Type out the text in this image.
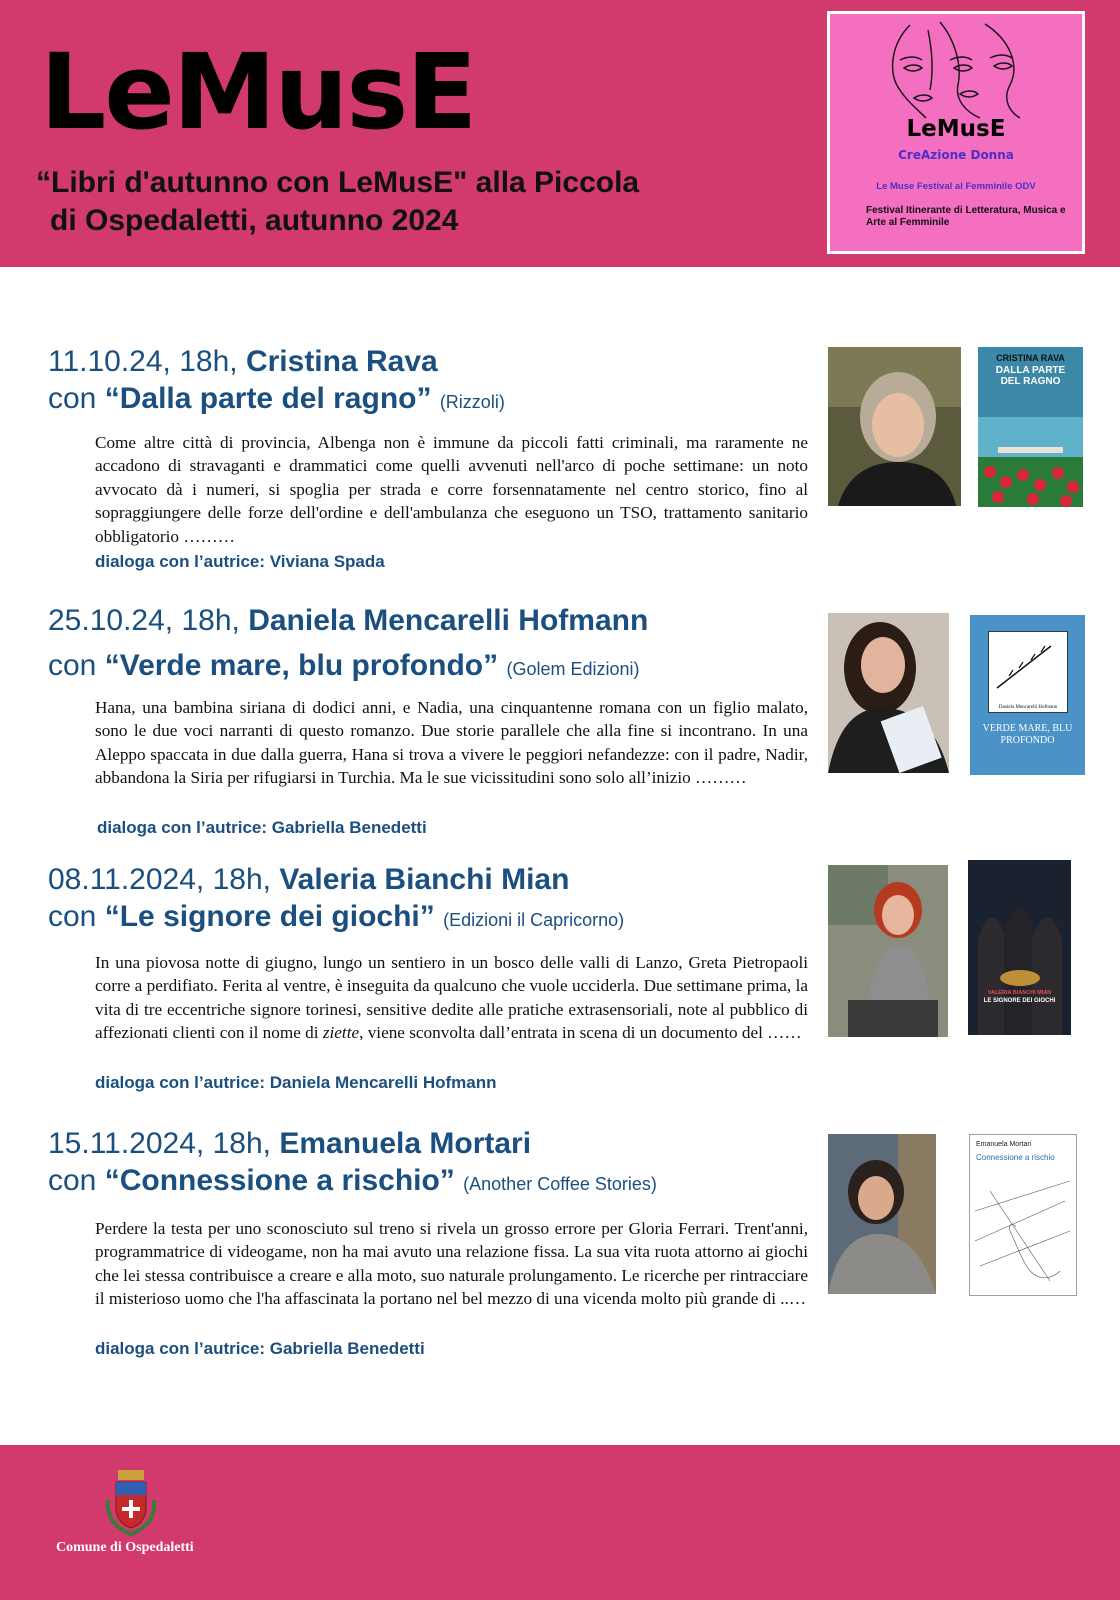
LeMusE
“Libri d'autunno con LeMusE" alla Piccola
di Ospedaletti, autunno 2024
LeMusE
CreAzione Donna
Le Muse Festival al Femminile ODV
Festival Itinerante di Letteratura, Musica e Arte al Femminile
11.10.24, 18h, Cristina Rava
con “Dalla parte del ragno” (Rizzoli)

Come altre città di provincia, Albenga non è immune da piccoli fatti criminali, ma raramente ne accadono di stravaganti e drammatici come quelli avvenuti nell'arco di poche settimane: un noto avvocato dà i numeri, si spoglia per strada e corre forsennatamente nel centro storico, fino al sopraggiungere delle forze dell'ordine e dell'ambulanza che eseguono un TSO, trattamento sanitario obbligatorio ………

dialoga con l’autrice: Viviana Spada
CRISTINA RAVA
DALLA PARTE DEL RAGNO
25.10.24, 18h, Daniela Mencarelli Hofmann
con “Verde mare, blu profondo” (Golem Edizioni)

Hana, una bambina siriana di dodici anni, e Nadia, una cinquantenne romana con un figlio malato, sono le due voci narranti di questo romanzo. Due storie parallele che alla fine si incontrano. In una Aleppo spaccata in due dalla guerra, Hana si trova a vivere le peggiori nefandezze: con il padre, Nadir, abbandona la Siria per rifugiarsi in Turchia. Ma le sue vicissitudini sono solo all’inizio ………

dialoga con l’autrice: Gabriella Benedetti
Daniela Mencarelli Hofmann
VERDE MARE, BLU PROFONDO
08.11.2024, 18h, Valeria Bianchi Mian
con “Le signore dei giochi” (Edizioni il Capricorno)

In una piovosa notte di giugno, lungo un sentiero in un bosco delle valli di Lanzo, Greta Pietropaoli corre a perdifiato. Ferita al ventre, è inseguita da qualcuno che vuole ucciderla. Due settimane prima, la vita di tre eccentriche signore torinesi, sensitive dedite alle pratiche extrasensoriali, note al pubblico di affezionati clienti con il nome di ziette, viene sconvolta dall’entrata in scena di un documento del ……

dialoga con l’autrice: Daniela Mencarelli Hofmann
VALERIA BIANCHI MIAN
LE SIGNORE DEI GIOCHI
15.11.2024, 18h, Emanuela Mortari
con “Connessione a rischio” (Another Coffee Stories)

Perdere la testa per uno sconosciuto sul treno si rivela un grosso errore per Gloria Ferrari. Trent'anni, programmatrice di videogame, non ha mai avuto una relazione fissa. La sua vita ruota attorno ai giochi che lei stessa contribuisce a creare e alla moto, suo naturale prolungamento. Le ricerche per rintracciare il misterioso uomo che l'ha affascinata la portano nel bel mezzo di una vicenda molto più grande di ..…

dialoga con l’autrice: Gabriella Benedetti
Emanuela Mortari
Connessione a rischio
Comune di Ospedaletti
